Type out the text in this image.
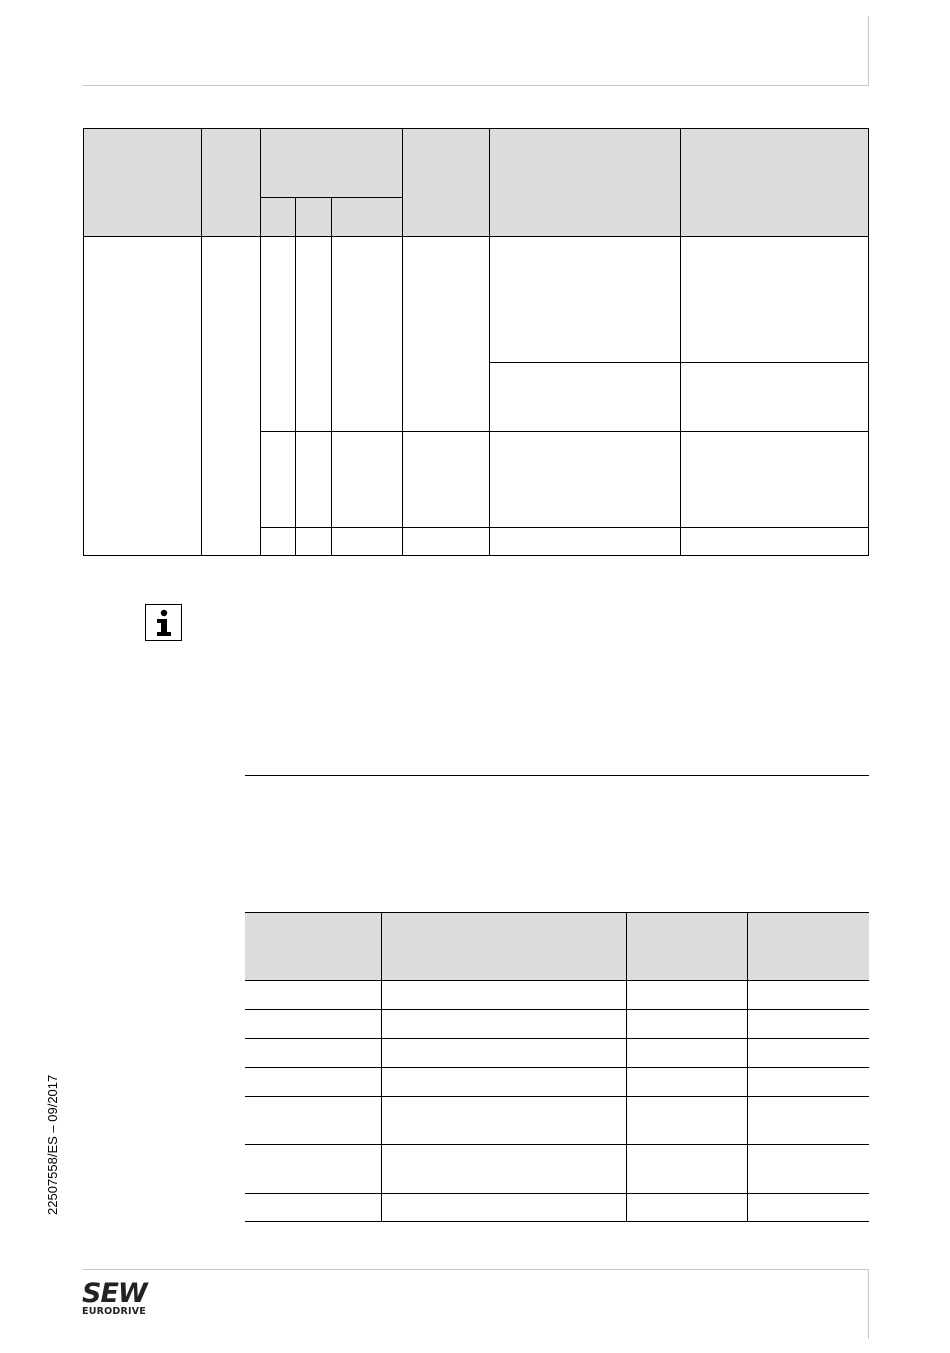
22507558/ES – 09/2017
SEW
EURODRIVE
